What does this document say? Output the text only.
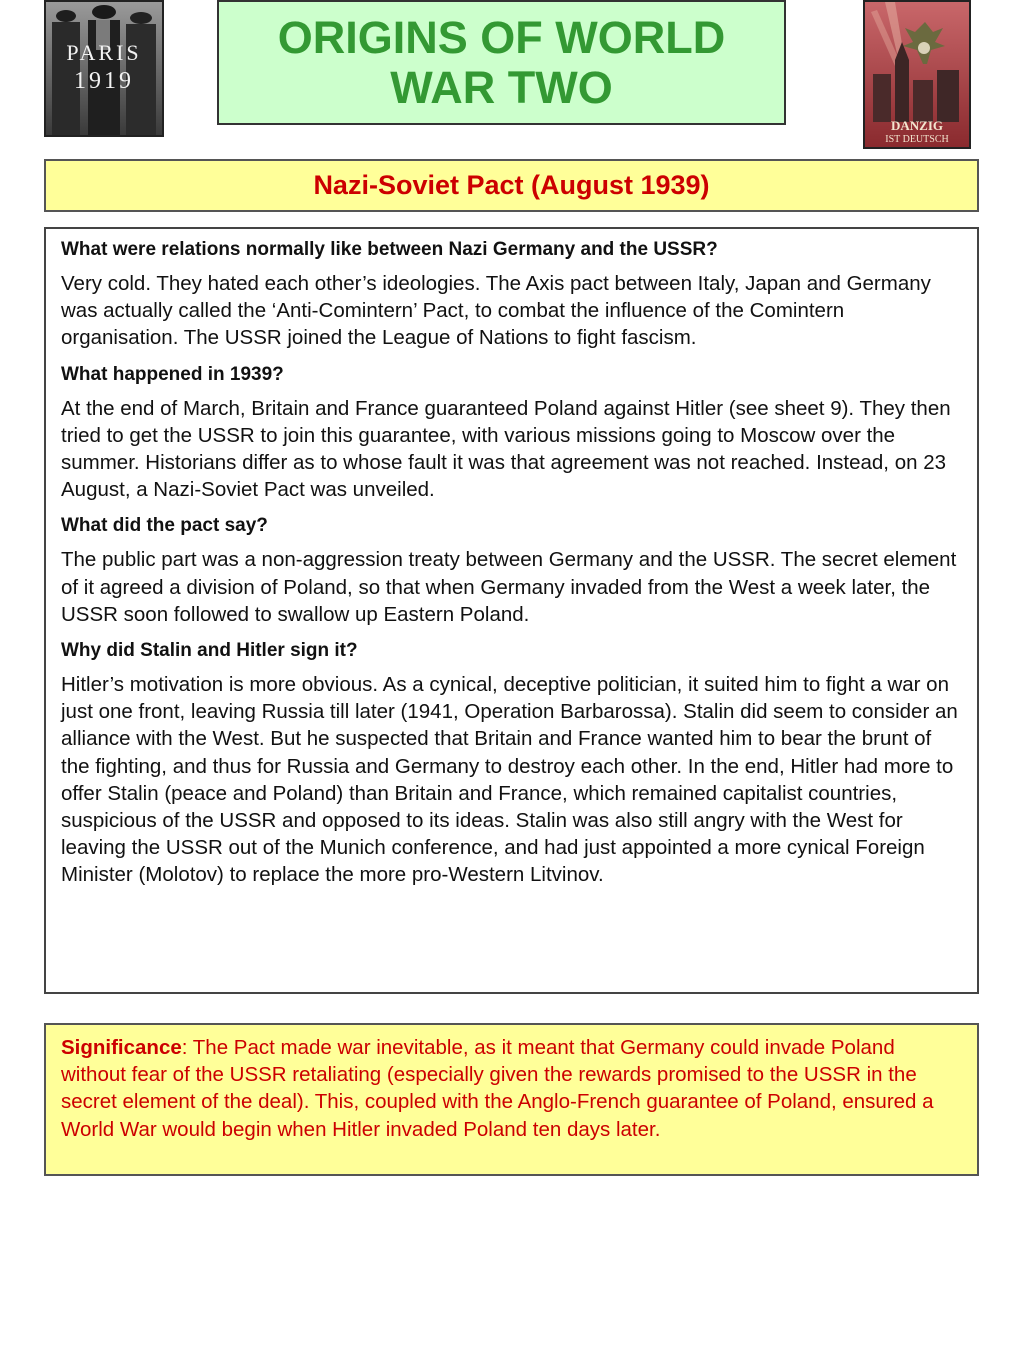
PARIS
1919
ORIGINS OF WORLD
WAR TWO
DANZIG
IST DEUTSCH
Nazi-Soviet Pact (August 1939)

What were relations normally like between Nazi Germany and the USSR?

Very cold. They hated each other’s ideologies. The Axis pact between Italy, Japan and Germany was actually called the ‘Anti-Comintern’ Pact, to combat the influence of the Comintern organisation. The USSR joined the League of Nations to fight fascism.

What happened in 1939?

At the end of March, Britain and France guaranteed Poland against Hitler (see sheet 9). They then tried to get the USSR to join this guarantee, with various missions going to Moscow over the summer. Historians differ as to whose fault it was that agreement was not reached. Instead, on 23 August, a Nazi-Soviet Pact was unveiled.

What did the pact say?

The public part was a non-aggression treaty between Germany and the USSR. The secret element of it agreed a division of Poland, so that when Germany invaded from the West a week later, the USSR soon followed to swallow up Eastern Poland.

Why did Stalin and Hitler sign it?

Hitler’s motivation is more obvious. As a cynical, deceptive politician, it suited him to fight a war on just one front, leaving Russia till later (1941, Operation Barbarossa). Stalin did seem to consider an alliance with the West. But he suspected that Britain and France wanted him to bear the brunt of the fighting, and thus for Russia and Germany to destroy each other. In the end, Hitler had more to offer Stalin (peace and Poland) than Britain and France, which remained capitalist countries, suspicious of the USSR and opposed to its ideas. Stalin was also still angry with the West for leaving the USSR out of the Munich conference, and had just appointed a more cynical Foreign Minister (Molotov) to replace the more pro-Western Litvinov.

Significance: The Pact made war inevitable, as it meant that Germany could invade Poland without fear of the USSR retaliating (especially given the rewards promised to the USSR in the secret element of the deal). This, coupled with the Anglo-French guarantee of Poland, ensured a World War would begin when Hitler invaded Poland ten days later.
